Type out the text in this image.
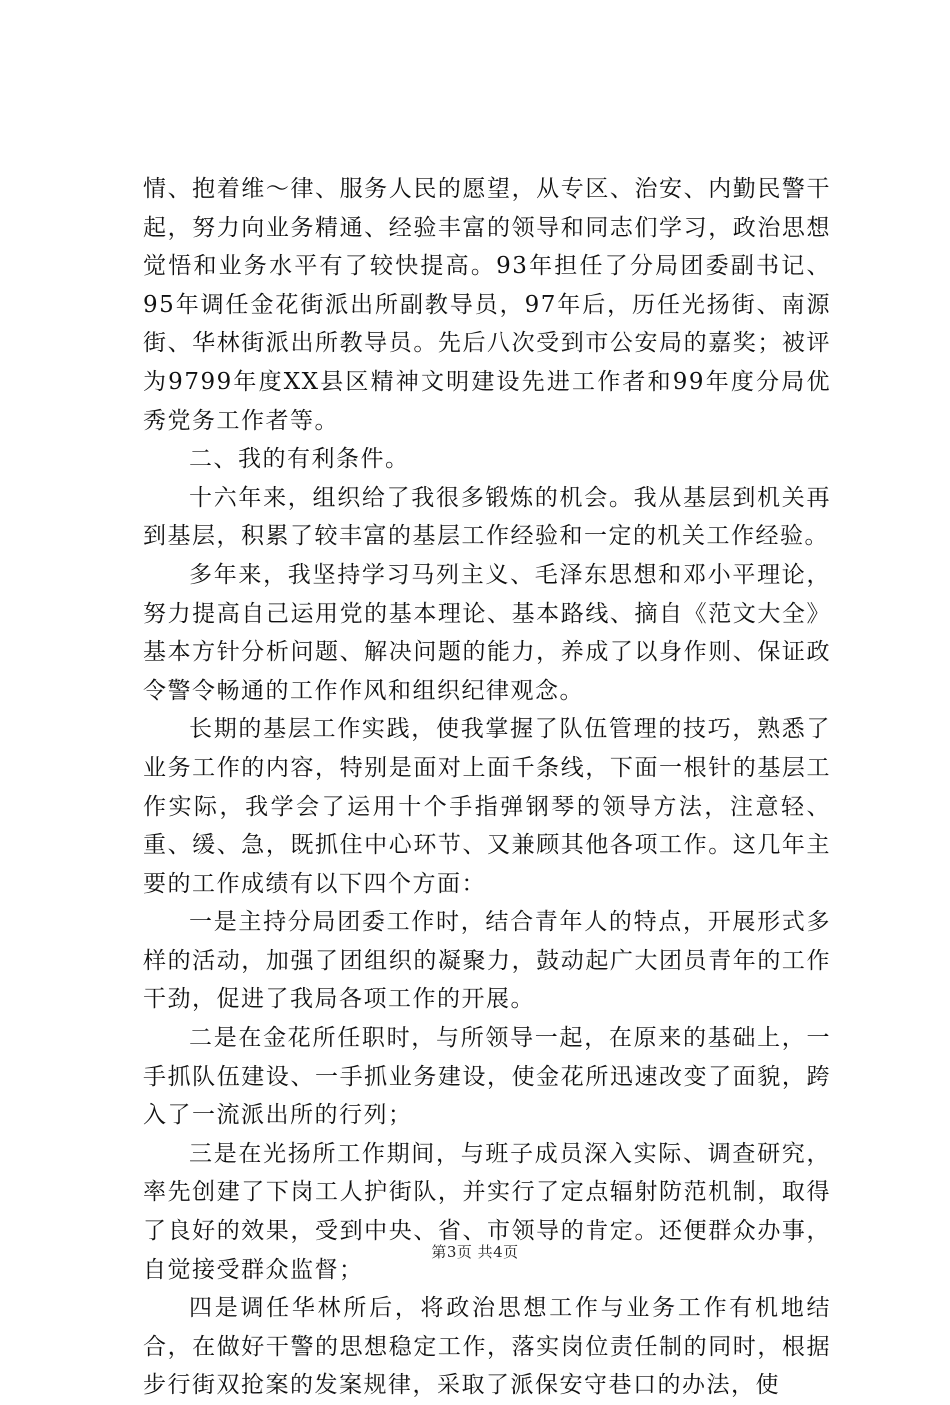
情、抱着维～律、服务人民的愿望，从专区、治安、内勤民警干起，努力向业务精通、经验丰富的领导和同志们学习，政治思想觉悟和业务水平有了较快提高。93年担任了分局团委副书记、95年调任金花街派出所副教导员，97年后，历任光扬街、南源街、华林街派出所教导员。先后八次受到市公安局的嘉奖；被评为9799年度XX县区精神文明建设先进工作者和99年度分局优秀党务工作者等。

二、我的有利条件。

十六年来，组织给了我很多锻炼的机会。我从基层到机关再到基层，积累了较丰富的基层工作经验和一定的机关工作经验。

多年来，我坚持学习马列主义、毛泽东思想和邓小平理论，努力提高自己运用党的基本理论、基本路线、摘自《范文大全》基本方针分析问题、解决问题的能力，养成了以身作则、保证政令警令畅通的工作作风和组织纪律观念。

长期的基层工作实践，使我掌握了队伍管理的技巧，熟悉了业务工作的内容，特别是面对上面千条线，下面一根针的基层工作实际，我学会了运用十个手指弹钢琴的领导方法，注意轻、重、缓、急，既抓住中心环节、又兼顾其他各项工作。这几年主要的工作成绩有以下四个方面：

一是主持分局团委工作时，结合青年人的特点，开展形式多样的活动，加强了团组织的凝聚力，鼓动起广大团员青年的工作干劲，促进了我局各项工作的开展。

二是在金花所任职时，与所领导一起，在原来的基础上，一手抓队伍建设、一手抓业务建设，使金花所迅速改变了面貌，跨入了一流派出所的行列；

三是在光扬所工作期间，与班子成员深入实际、调查研究，率先创建了下岗工人护街队，并实行了定点辐射防范机制，取得了良好的效果，受到中央、省、市领导的肯定。还便群众办事，自觉接受群众监督；

四是调任华林所后，将政治思想工作与业务工作有机地结合，在做好干警的思想稳定工作，落实岗位责任制的同时，根据步行街双抢案的发案规律，采取了派保安守巷口的办法，使

第3页 共4页
